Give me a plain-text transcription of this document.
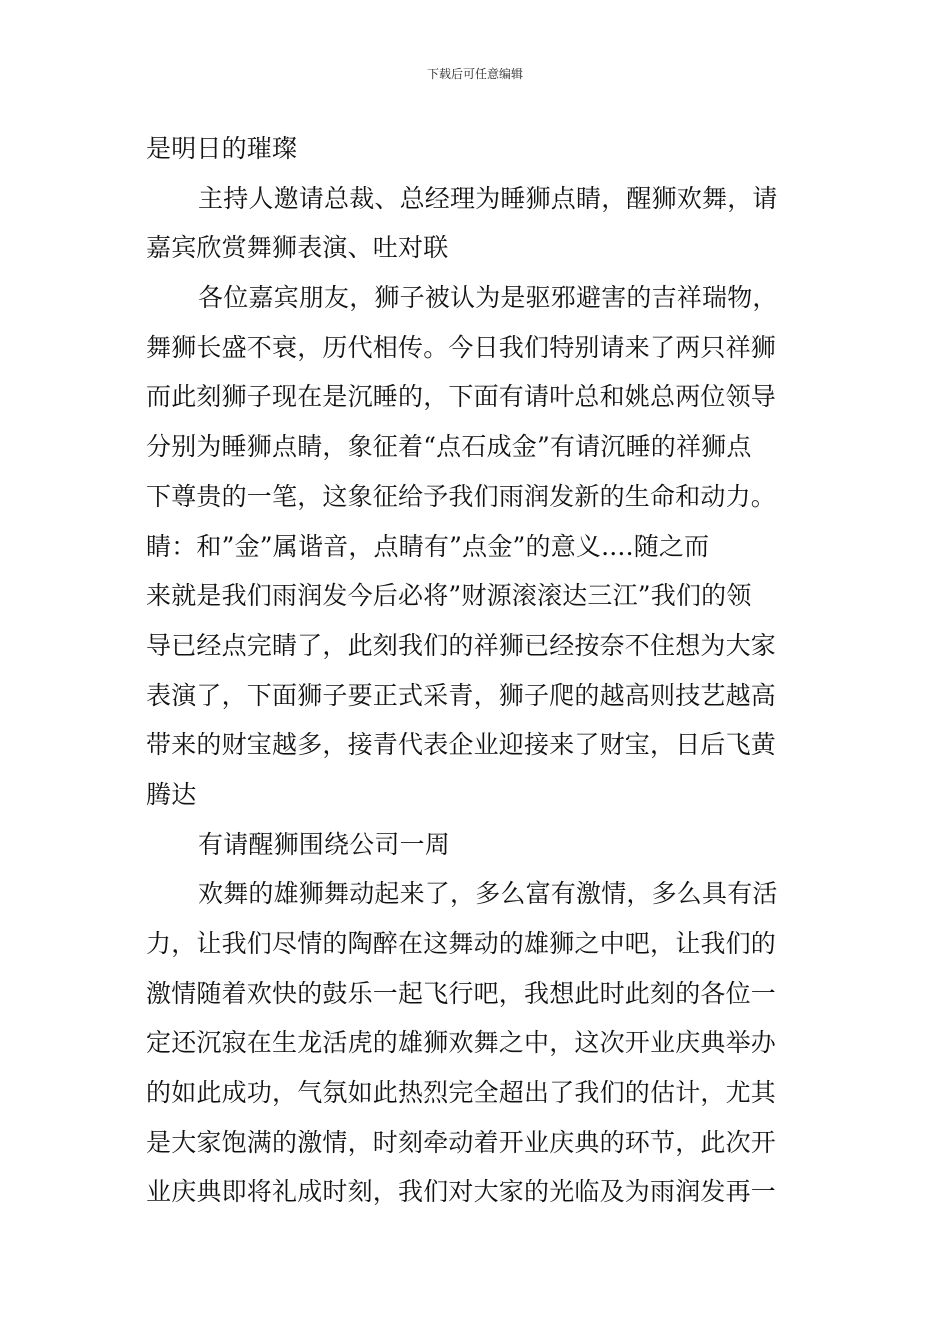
下载后可任意编辑
是明日的璀璨
主持人邀请总裁、总经理为睡狮点睛，醒狮欢舞，请
嘉宾欣赏舞狮表演、吐对联
各位嘉宾朋友，狮子被认为是驱邪避害的吉祥瑞物，
舞狮长盛不衰，历代相传。今日我们特别请来了两只祥狮
而此刻狮子现在是沉睡的，下面有请叶总和姚总两位领导
分别为睡狮点睛，象征着“点石成金”有请沉睡的祥狮点
下尊贵的一笔，这象征给予我们雨润发新的生命和动力。
睛：和”金”属谐音，点睛有”点金”的意义....随之而
来就是我们雨润发今后必将”财源滚滚达三江”我们的领
导已经点完睛了，此刻我们的祥狮已经按奈不住想为大家
表演了，下面狮子要正式采青，狮子爬的越高则技艺越高
带来的财宝越多，接青代表企业迎接来了财宝，日后飞黄
腾达
有请醒狮围绕公司一周
欢舞的雄狮舞动起来了，多么富有激情，多么具有活
力，让我们尽情的陶醉在这舞动的雄狮之中吧，让我们的
激情随着欢快的鼓乐一起飞行吧，我想此时此刻的各位一
定还沉寂在生龙活虎的雄狮欢舞之中，这次开业庆典举办
的如此成功，气氛如此热烈完全超出了我们的估计，尤其
是大家饱满的激情，时刻牵动着开业庆典的环节，此次开
业庆典即将礼成时刻，我们对大家的光临及为雨润发再一
